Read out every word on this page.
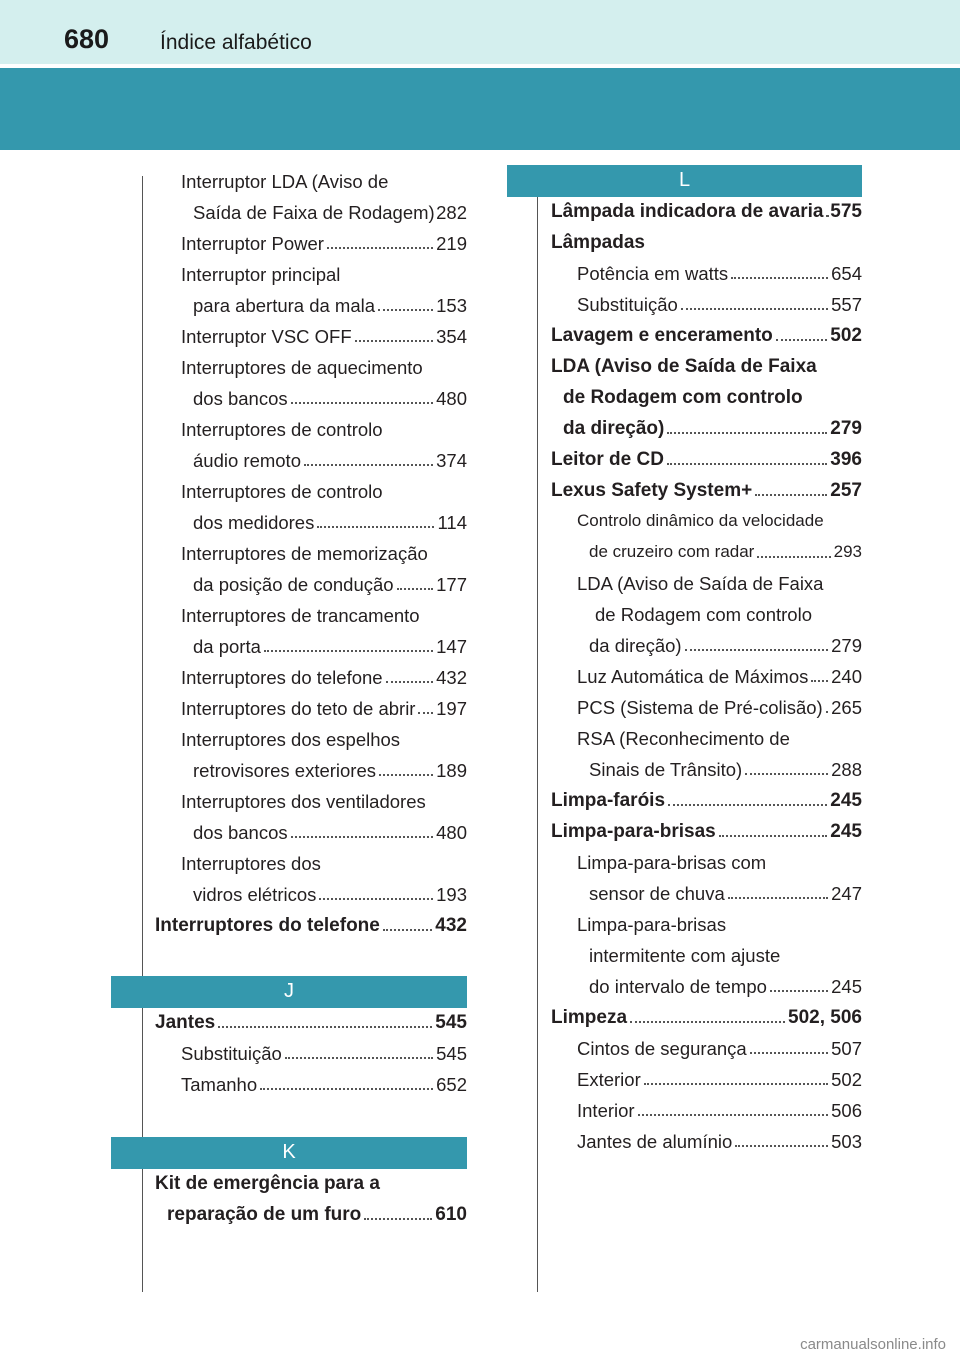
680 Índice alfabético
Interruptor LDA (Aviso de
Saída de Faixa de Rodagem) 282
Interruptor Power	219
Interruptor principal
para abertura da mala	153
Interruptor VSC OFF	354
Interruptores de aquecimento
dos bancos	480
Interruptores de controlo
áudio remoto	374
Interruptores de controlo
dos medidores	114
Interruptores de memorização
da posição de condução 177
Interruptores de trancamento
da porta	147
Interruptores do telefone	432
Interruptores do teto de abrir 197
Interruptores dos espelhos
retrovisores exteriores	189
Interruptores dos ventiladores
dos bancos	480
Interruptores dos
vidros elétricos	193
Interruptores do telefone	432
J
Jantes	545
Substituição	545
Tamanho	652
K
Kit de emergência para a
reparação de um furo	610
L
Lâmpada indicadora de avaria 575
Lâmpadas
Potência em watts	654
Substituição	557
Lavagem e enceramento	502
LDA (Aviso de Saída de Faixa
de Rodagem com controlo
da direção)	279
Leitor de CD	396
Lexus Safety System+	257
Controlo dinâmico da velocidade
de cruzeiro com radar	293
LDA (Aviso de Saída de Faixa
de Rodagem com controlo
da direção)	279
Luz Automática de Máximos 240
PCS (Sistema de Pré-colisão) 265
RSA (Reconhecimento de
Sinais de Trânsito)	288
Limpa-faróis	245
Limpa-para-brisas	245
Limpa-para-brisas com
sensor de chuva	247
Limpa-para-brisas
intermitente com ajuste
do intervalo de tempo	245
Limpeza	502, 506
Cintos de segurança	507
Exterior	502
Interior	506
Jantes de alumínio	503
carmanualsonline.info
